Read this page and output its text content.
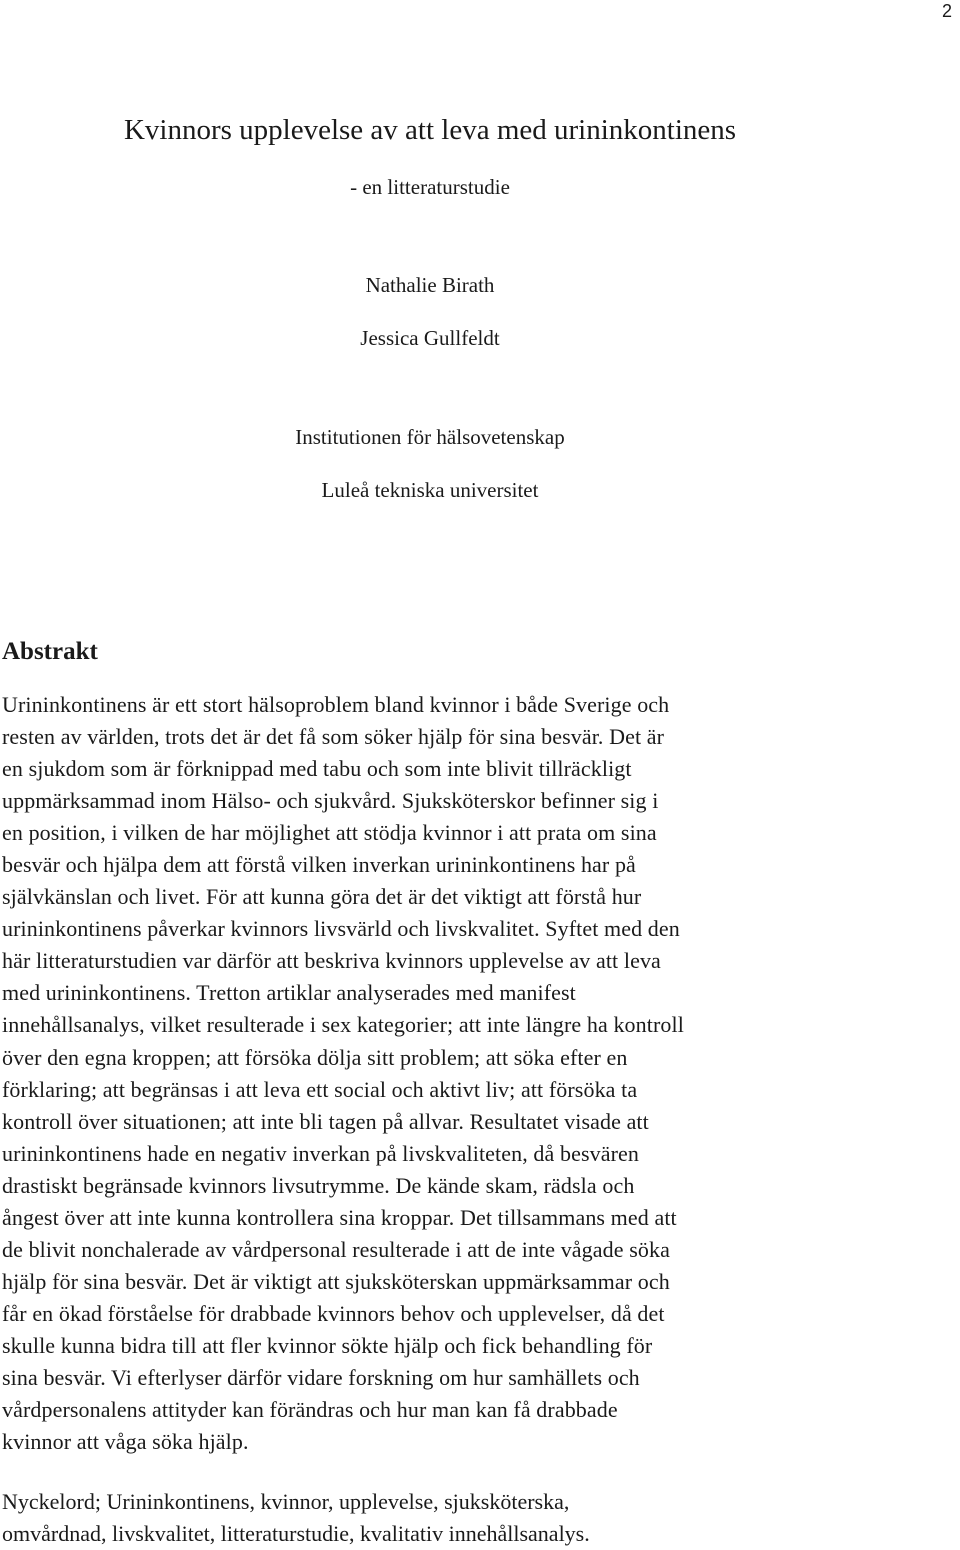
2
Kvinnors upplevelse av att leva med urininkontinens
- en litteraturstudie
Nathalie Birath
Jessica Gullfeldt
Institutionen för hälsovetenskap
Luleå tekniska universitet
Abstrakt

Urininkontinens är ett stort hälsoproblem bland kvinnor i både Sverige och
resten av världen, trots det är det få som söker hjälp för sina besvär. Det är
en sjukdom som är förknippad med tabu och som inte blivit tillräckligt
uppmärksammad inom Hälso- och sjukvård. Sjuksköterskor befinner sig i
en position, i vilken de har möjlighet att stödja kvinnor i att prata om sina
besvär och hjälpa dem att förstå vilken inverkan urininkontinens har på
självkänslan och livet. För att kunna göra det är det viktigt att förstå hur
urininkontinens påverkar kvinnors livsvärld och livskvalitet. Syftet med den
här litteraturstudien var därför att beskriva kvinnors upplevelse av att leva
med urininkontinens. Tretton artiklar analyserades med manifest
innehållsanalys, vilket resulterade i sex kategorier; att inte längre ha kontroll
över den egna kroppen; att försöka dölja sitt problem; att söka efter en
förklaring; att begränsas i att leva ett social och aktivt liv; att försöka ta
kontroll över situationen; att inte bli tagen på allvar. Resultatet visade att
urininkontinens hade en negativ inverkan på livskvaliteten, då besvären
drastiskt begränsade kvinnors livsutrymme. De kände skam, rädsla och
ångest över att inte kunna kontrollera sina kroppar. Det tillsammans med att
de blivit nonchalerade av vårdpersonal resulterade i att de inte vågade söka
hjälp för sina besvär. Det är viktigt att sjuksköterskan uppmärksammar och
får en ökad förståelse för drabbade kvinnors behov och upplevelser, då det
skulle kunna bidra till att fler kvinnor sökte hjälp och fick behandling för
sina besvär. Vi efterlyser därför vidare forskning om hur samhällets och
vårdpersonalens attityder kan förändras och hur man kan få drabbade
kvinnor att våga söka hjälp.

Nyckelord; Urininkontinens, kvinnor, upplevelse, sjuksköterska,
omvårdnad, livskvalitet, litteraturstudie, kvalitativ innehållsanalys.
